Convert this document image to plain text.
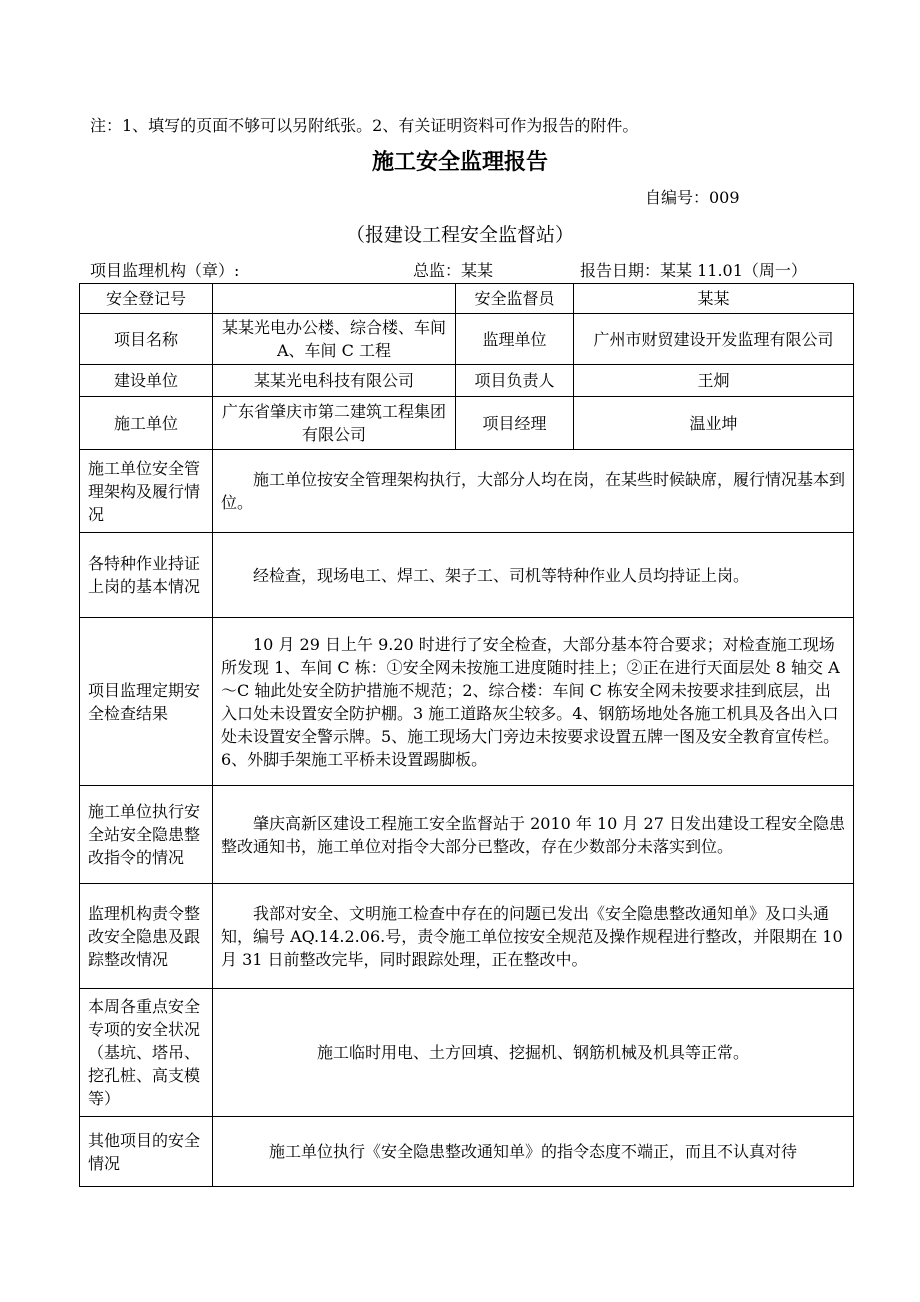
注：1、填写的页面不够可以另附纸张。2、有关证明资料可作为报告的附件。
施工安全监理报告
自编号：009
（报建设工程安全监督站）
项目监理机构（章）:	总监：某某	报告日期：某某 11.01（周一）
安全登记号		安全监督员	某某
项目名称	某某光电办公楼、综合楼、车间 A、车间 C 工程	监理单位	广州市财贸建设开发监理有限公司
建设单位	某某光电科技有限公司	项目负责人	王炯
施工单位	广东省肇庆市第二建筑工程集团有限公司	项目经理	温业坤
施工单位安全管理架构及履行情况	施工单位按安全管理架构执行，大部分人均在岗，在某些时候缺席，履行情况基本到位。		
各特种作业持证上岗的基本情况	经检查，现场电工、焊工、架子工、司机等特种作业人员均持证上岗。		
项目监理定期安全检查结果	10 月 29 日上午 9.20 时进行了安全检查，大部分基本符合要求；对检查施工现场所发现 1、车间 C 栋：①安全网未按施工进度随时挂上；②正在进行天面层处 8 轴交 A～C 轴此处安全防护措施不规范；2、综合楼：车间 C 栋安全网未按要求挂到底层，出入口处未设置安全防护棚。3 施工道路灰尘较多。4、钢筋场地处各施工机具及各出入口处未设置安全警示牌。5、施工现场大门旁边未按要求设置五牌一图及安全教育宣传栏。6、外脚手架施工平桥未设置踢脚板。		
施工单位执行安全站安全隐患整改指令的情况	肇庆高新区建设工程施工安全监督站于 2010 年 10 月 27 日发出建设工程安全隐患整改通知书，施工单位对指令大部分已整改，存在少数部分未落实到位。		
监理机构责令整改安全隐患及跟踪整改情况	我部对安全、文明施工检查中存在的问题已发出《安全隐患整改通知单》及口头通知，编号 AQ.14.2.06.号，责令施工单位按安全规范及操作规程进行整改，并限期在 10 月 31 日前整改完毕，同时跟踪处理，正在整改中。		
本周各重点安全专项的安全状况（基坑、塔吊、挖孔桩、高支模等）	施工临时用电、土方回填、挖掘机、钢筋机械及机具等正常。		
其他项目的安全情况	施工单位执行《安全隐患整改通知单》的指令态度不端正，而且不认真对待		
